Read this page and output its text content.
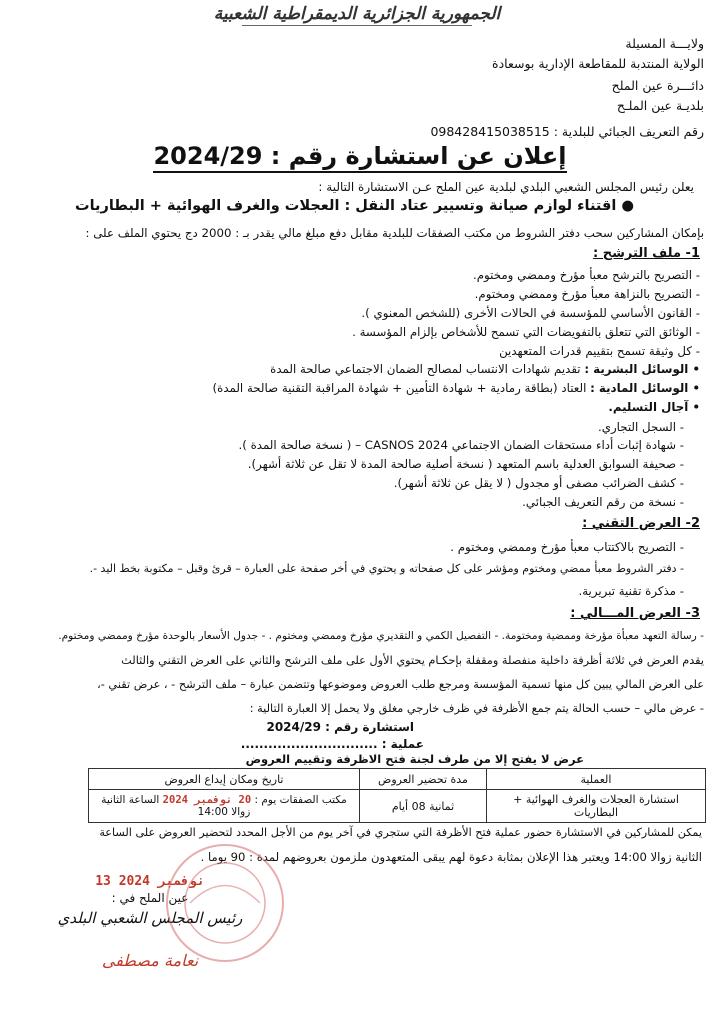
الجمهورية الجزائرية الديمقراطية الشعبية
ولايـــة المسيلة
الولاية المنتدبة للمقاطعة الإدارية بوسعادة
دائـــرة عين الملح
بلديـة عين الملـح
رقم التعريف الجبائي للبلدية : 09842841503851​5
إعلان عن استشارة رقم : 2024/29
يعلن رئيس المجلس الشعبي البلدي لبلدية عين الملح عـن الاستشارة التالية :
● اقتناء لوازم صيانة وتسيير عتاد النقل : العجلات والغرف الهوائية + البطاريات
بإمكان المشاركين سحب دفتر الشروط من مكتب الصفقات للبلدية مقابل دفع مبلغ مالي يقدر بـ : 2000 دج يحتوي الملف على :
1- ملف الترشح :
- التصريح بالترشح معبأ مؤرخ وممضي ومختوم.
- التصريح بالنزاهة معبأ مؤرخ وممضي ومختوم.
- القانون الأساسي للمؤسسة في الحالات الأخرى (للشخص المعنوي ).
- الوثائق التي تتعلق بالتفويضات التي تسمح للأشخاص بإلزام المؤسسة .
- كل وثيقة تسمح بتقييم قدرات المتعهدين
• الوسائل البشرية : تقديم شهادات الانتساب لمصالح الضمان الاجتماعي صالحة المدة
• الوسائل المادية : العتاد (بطاقة رمادية + شهادة التأمين + شهادة المراقبة التقنية صالحة المدة)
• آجال التسليم.
- السجل التجاري.
- شهادة إثبات أداء مستحقات الضمان الاجتماعي CASNOS 2024 – ( نسخة صالحة المدة ).
- صحيفة السوابق العدلية باسم المتعهد ( نسخة أصلية صالحة المدة لا تقل عن ثلاثة أشهر).
- كشف الضرائب مصفى أو مجدول ( لا يقل عن ثلاثة أشهر).
- نسخة من رقم التعريف الجبائي.
2- العرض التقني :
- التصريح بالاكتتاب معبأ مؤرخ وممضي ومختوم .
- دفتر الشروط معبأ ممضي ومختوم ومؤشر على كل صفحاته و يحتوي في أخر صفحة على العبارة – قرئ وقبل – مكتوبة بخط اليد -.
- مذكرة تقنية تبريرية.
3- العرض المـــالي :
- رسالة التعهد معبأة مؤرخة وممضية ومختومة. - التفصيل الكمي و التقديري مؤرخ وممضي ومختوم . - جدول الأسعار بالوحدة مؤرخ وممضي ومختوم.
يقدم العرض في ثلاثة أظرفة داخلية منفصلة ومقفلة بإحكـام يحتوي الأول على ملف الترشح والثاني على العرض التقني والثالث
على العرض المالي يبين كل منها تسمية المؤسسة ومرجع طلب العروض وموضوعها وتتضمن عبارة – ملف الترشح - ، عرض تقني -،
- عرض مالي – حسب الحالة يتم جمع الأظرفة في ظرف خارجي مغلق ولا يحمل إلا العبارة التالية :
استشارة رقم : 2024/29
عملية : ..............................
عرض لا يفتح إلا من طرف لجنة فتح الاظرفة وتقييم العروض
العملية	مدة تحضير العروض	تاريخ ومكان إيداع العروض
استشارة العجلات والغرف الهوائية + البطاريات	ثمانية 08 أيام	مكتب الصفقات يوم : 20 نوفمبر 2024 الساعة الثانية زوالا 14:00
يمكن للمشاركين في الاستشارة حضور عملية فتح الأظرفة التي ستجري في آخر يوم من الأجل المحدد لتحضير العروض على الساعة
الثانية زوالا 14:00 ويعتبر هذا الإعلان بمثابة دعوة لهم يبقى المتعهدون ملزمون بعروضهم لمدة : 90 يوما .
13 نوفمبر 2024
عين الملح في :
رئيس المجلس الشعبي البلدي
نعامة مصطفى
